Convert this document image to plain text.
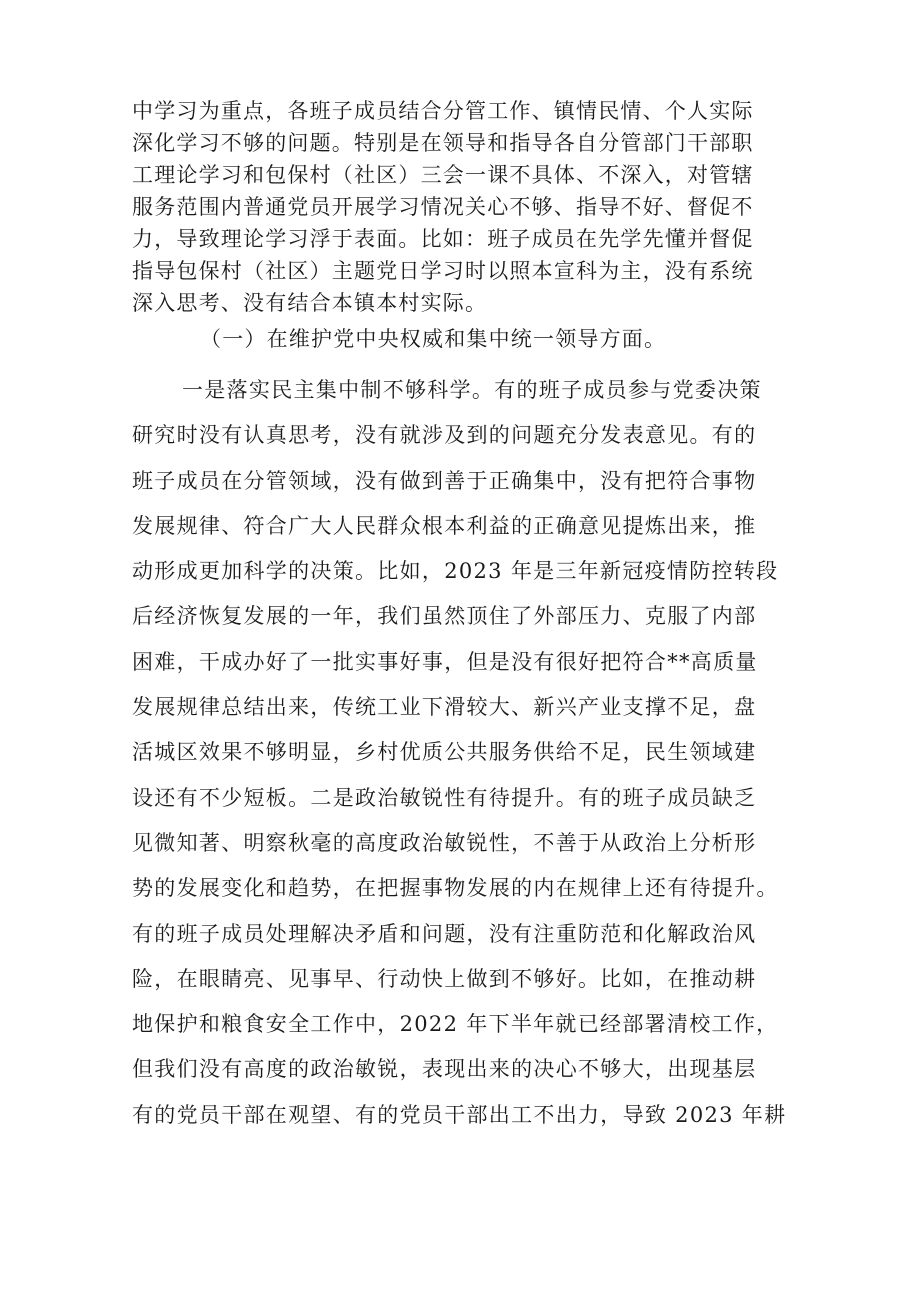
中学习为重点，各班子成员结合分管工作、镇情民情、个人实际
深化学习不够的问题。特别是在领导和指导各自分管部门干部职
工理论学习和包保村（社区）三会一课不具体、不深入，对管辖
服务范围内普通党员开展学习情况关心不够、指导不好、督促不
力，导致理论学习浮于表面。比如：班子成员在先学先懂并督促
指导包保村（社区）主题党日学习时以照本宣科为主，没有系统
深入思考、没有结合本镇本村实际。
（一）在维护党中央权威和集中统一领导方面。
一是落实民主集中制不够科学。有的班子成员参与党委决策
研究时没有认真思考，没有就涉及到的问题充分发表意见。有的
班子成员在分管领域，没有做到善于正确集中，没有把符合事物
发展规律、符合广大人民群众根本利益的正确意见提炼出来，推
动形成更加科学的决策。比如，2023 年是三年新冠疫情防控转段
后经济恢复发展的一年，我们虽然顶住了外部压力、克服了内部
困难，干成办好了一批实事好事，但是没有很好把符合**高质量
发展规律总结出来，传统工业下滑较大、新兴产业支撑不足，盘
活城区效果不够明显，乡村优质公共服务供给不足，民生领域建
设还有不少短板。二是政治敏锐性有待提升。有的班子成员缺乏
见微知著、明察秋毫的高度政治敏锐性，不善于从政治上分析形
势的发展变化和趋势，在把握事物发展的内在规律上还有待提升。
有的班子成员处理解决矛盾和问题，没有注重防范和化解政治风
险，在眼睛亮、见事早、行动快上做到不够好。比如，在推动耕
地保护和粮食安全工作中，2022 年下半年就已经部署清校工作，
但我们没有高度的政治敏锐，表现出来的决心不够大，出现基层
有的党员干部在观望、有的党员干部出工不出力，导致 2023 年耕
